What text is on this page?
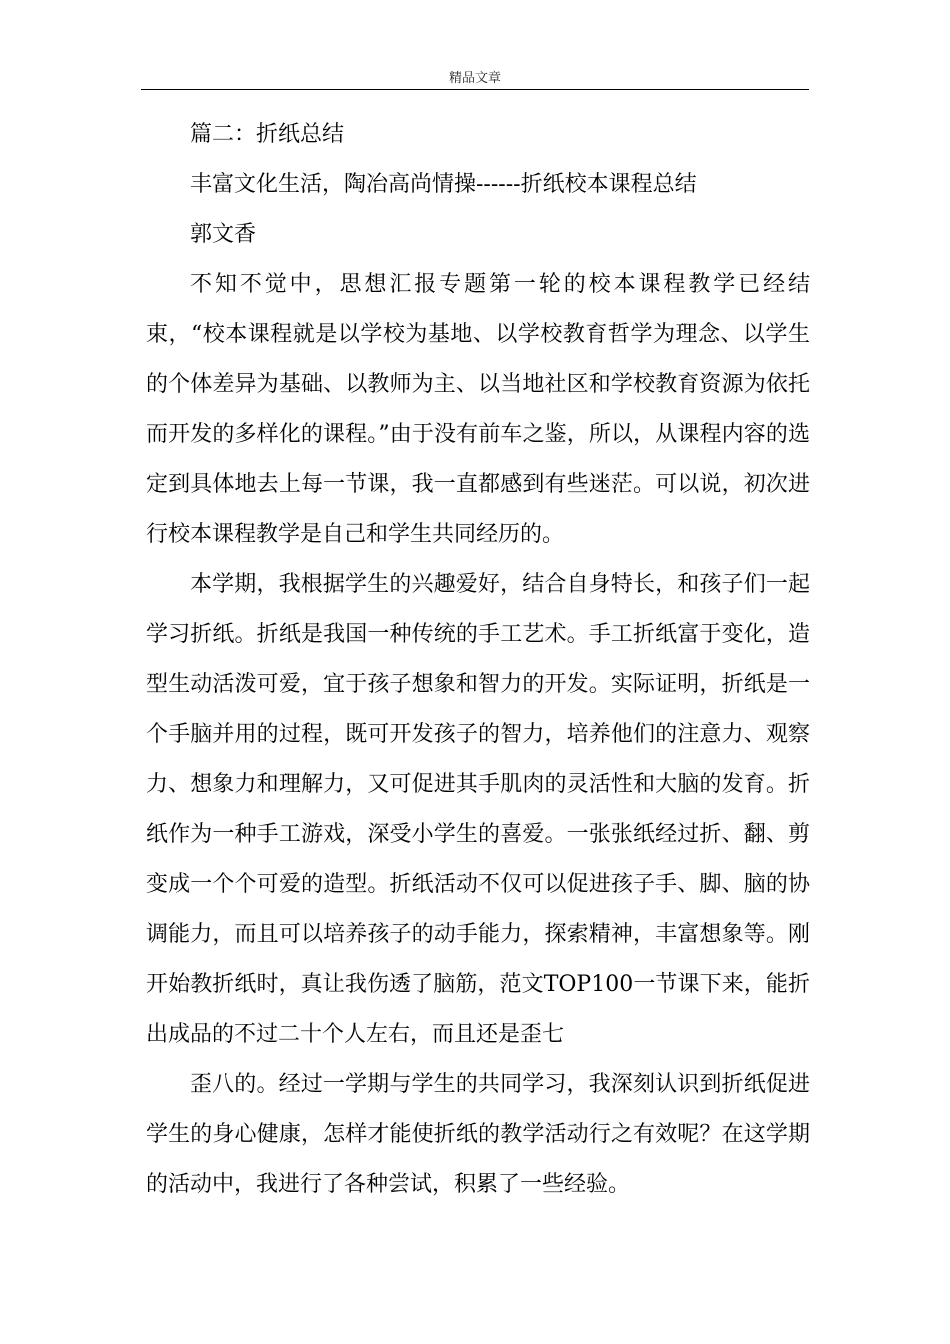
精品文章

篇二：折纸总结

丰富文化生活，陶冶高尚情操------折纸校本课程总结

郭文香

不知不觉中，思想汇报专题第一轮的校本课程教学已经结束，“校本课程就是以学校为基地、以学校教育哲学为理念、以学生的个体差异为基础、以教师为主、以当地社区和学校教育资源为依托而开发的多样化的课程。”由于没有前车之鉴，所以，从课程内容的选定到具体地去上每一节课，我一直都感到有些迷茫。可以说，初次进行校本课程教学是自己和学生共同经历的。

本学期，我根据学生的兴趣爱好，结合自身特长，和孩子们一起学习折纸。折纸是我国一种传统的手工艺术。手工折纸富于变化，造型生动活泼可爱，宜于孩子想象和智力的开发。实际证明，折纸是一个手脑并用的过程，既可开发孩子的智力，培养他们的注意力、观察力、想象力和理解力，又可促进其手肌肉的灵活性和大脑的发育。折纸作为一种手工游戏，深受小学生的喜爱。一张张纸经过折、翻、剪变成一个个可爱的造型。折纸活动不仅可以促进孩子手、脚、脑的协调能力，而且可以培养孩子的动手能力，探索精神，丰富想象等。刚开始教折纸时，真让我伤透了脑筋，范文TOP100一节课下来，能折出成品的不过二十个人左右，而且还是歪七

歪八的。经过一学期与学生的共同学习，我深刻认识到折纸促进学生的身心健康，怎样才能使折纸的教学活动行之有效呢？在这学期的活动中，我进行了各种尝试，积累了一些经验。
